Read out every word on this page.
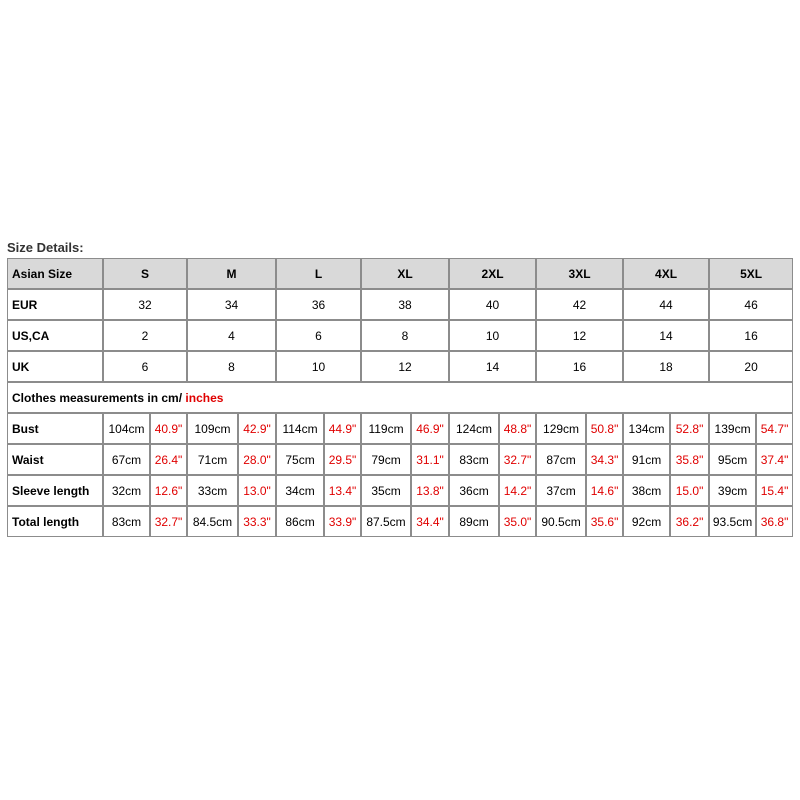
Size Details:
Asian Size	S		M		L		XL		2XL		3XL		4XL		5XL	
EUR	32		34		36		38		40		42		44		46	
US,CA	2		4		6		8		10		12		14		16	
UK	6		8		10		12		14		16		18		20	
Clothes measurements in cm/ inches																
Bust	104cm	40.9"	109cm	42.9"	114cm	44.9"	119cm	46.9"	124cm	48.8"	129cm	50.8"	134cm	52.8"	139cm	54.7"
Waist	67cm	26.4"	71cm	28.0"	75cm	29.5"	79cm	31.1"	83cm	32.7"	87cm	34.3"	91cm	35.8"	95cm	37.4"
Sleeve length	32cm	12.6"	33cm	13.0"	34cm	13.4"	35cm	13.8"	36cm	14.2"	37cm	14.6"	38cm	15.0"	39cm	15.4"
Total length	83cm	32.7"	84.5cm	33.3"	86cm	33.9"	87.5cm	34.4"	89cm	35.0"	90.5cm	35.6"	92cm	36.2"	93.5cm	36.8"
